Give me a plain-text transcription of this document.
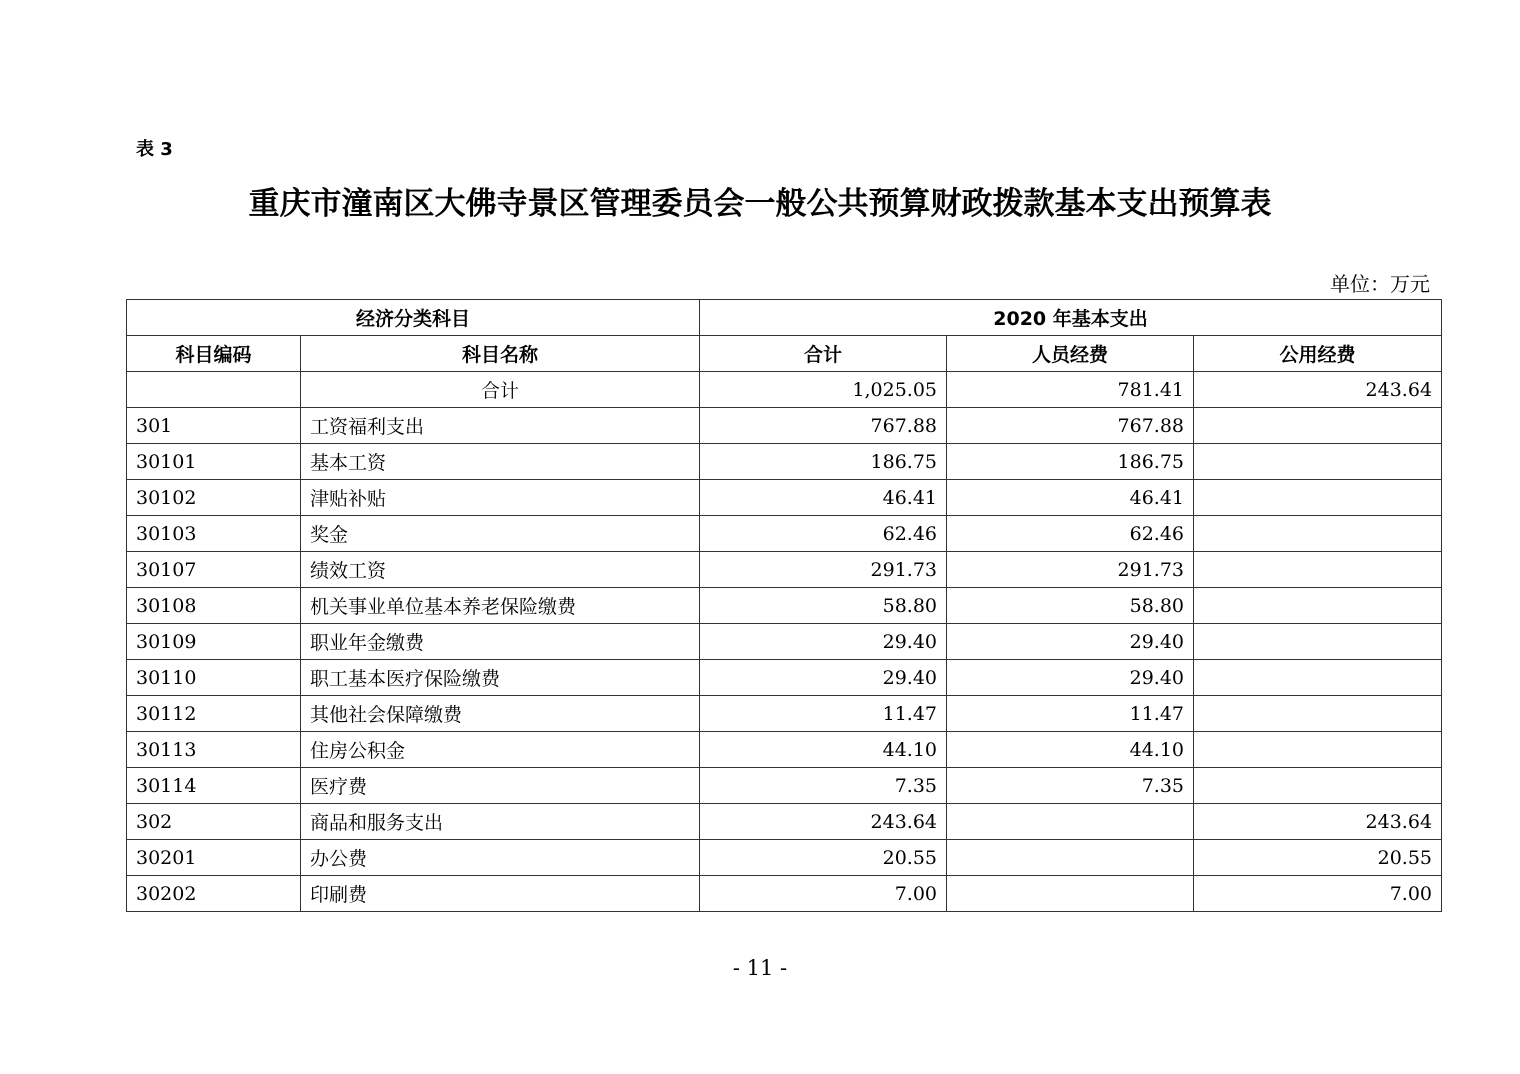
表 3
重庆市潼南区大佛寺景区管理委员会一般公共预算财政拨款基本支出预算表
单位：万元
经济分类科目		2020 年基本支出		
科目编码	科目名称	合计	人员经费	公用经费
	合计	1,025.05	781.41	243.64
301	工资福利支出	767.88	767.88	
30101	基本工资	186.75	186.75	
30102	津贴补贴	46.41	46.41	
30103	奖金	62.46	62.46	
30107	绩效工资	291.73	291.73	
30108	机关事业单位基本养老保险缴费	58.80	58.80	
30109	职业年金缴费	29.40	29.40	
30110	职工基本医疗保险缴费	29.40	29.40	
30112	其他社会保障缴费	11.47	11.47	
30113	住房公积金	44.10	44.10	
30114	医疗费	7.35	7.35	
302	商品和服务支出	243.64		243.64
30201	办公费	20.55		20.55
30202	印刷费	7.00		7.00
- 11 -
